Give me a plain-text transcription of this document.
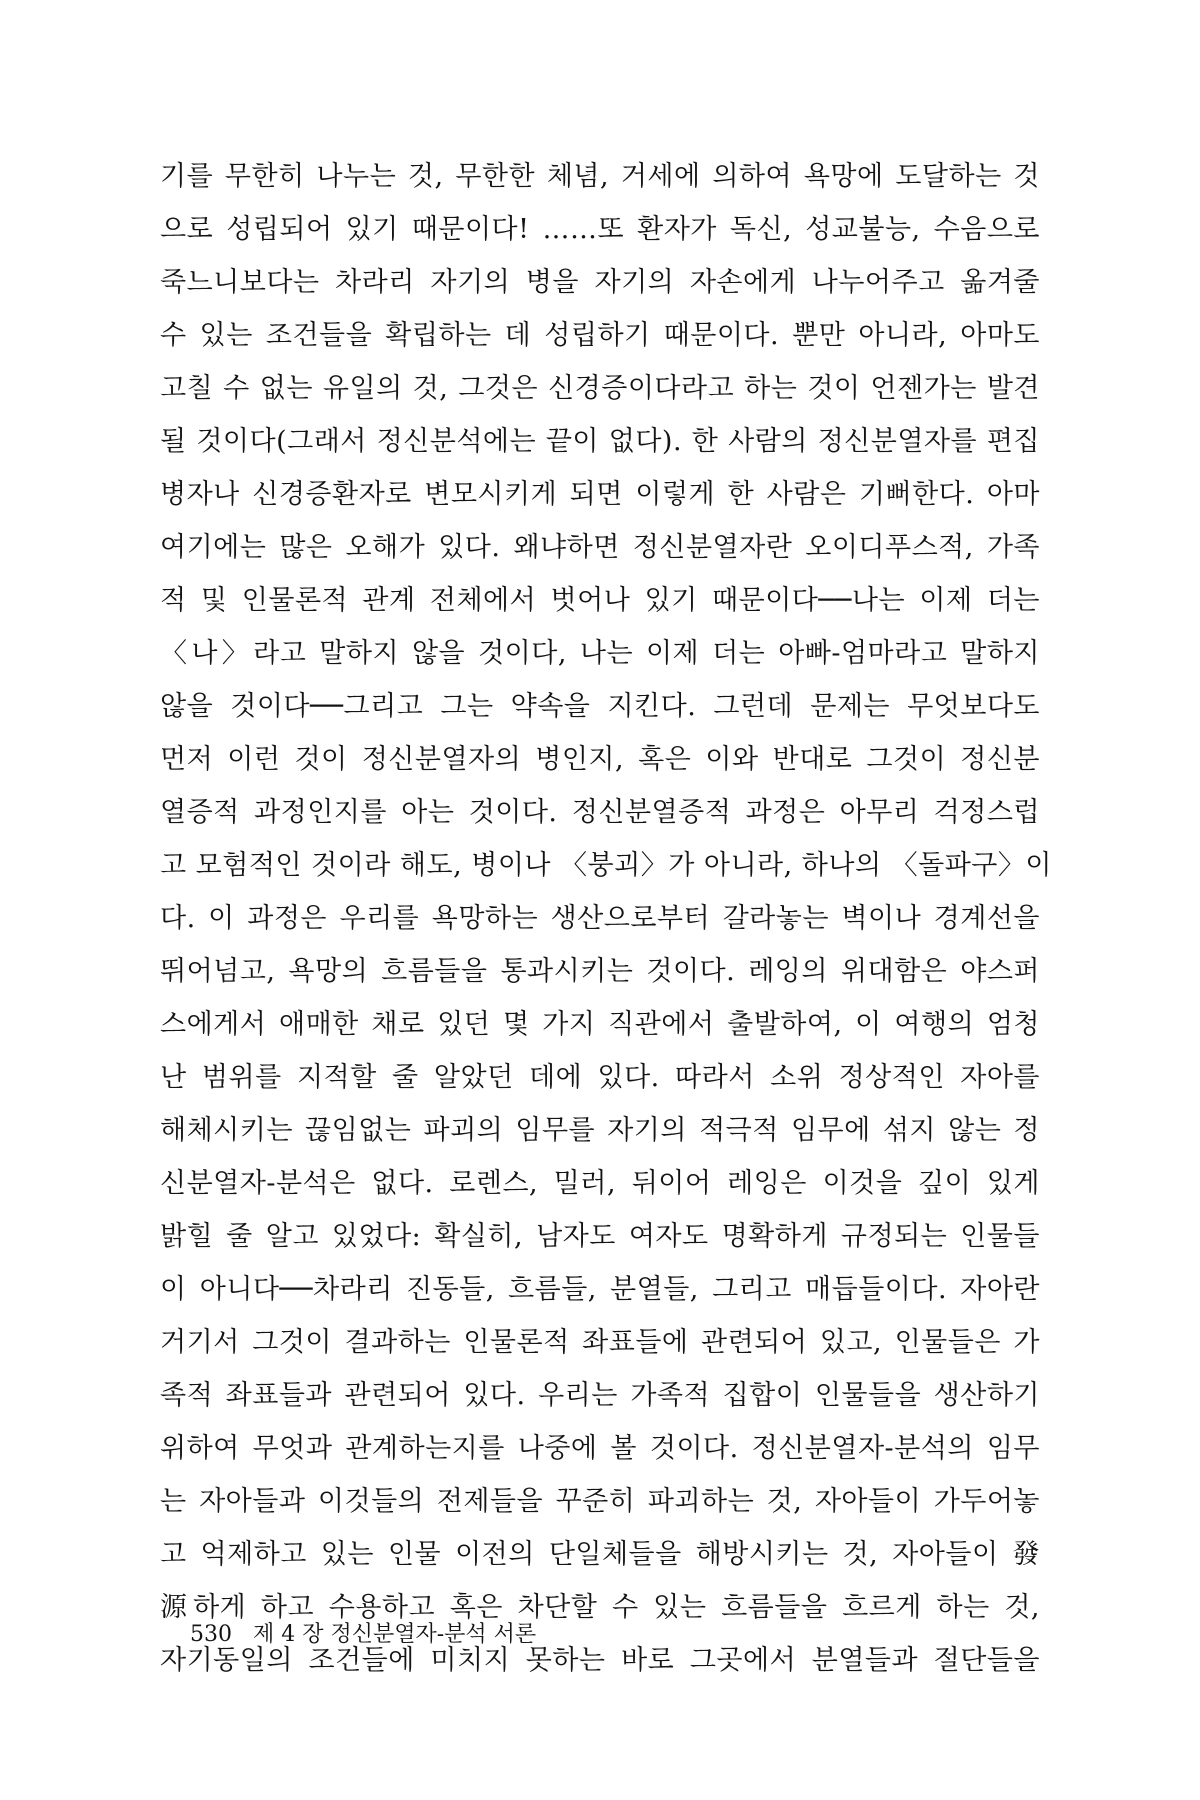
기를 무한히 나누는 것, 무한한 체념, 거세에 의하여 욕망에 도달하는 것
으로 성립되어 있기 때문이다! ……또 환자가 독신, 성교불능, 수음으로
죽느니보다는 차라리 자기의 병을 자기의 자손에게 나누어주고 옮겨줄
수 있는 조건들을 확립하는 데 성립하기 때문이다. 뿐만 아니라, 아마도
고칠 수 없는 유일의 것, 그것은 신경증이다라고 하는 것이 언젠가는 발견
될 것이다(그래서 정신분석에는 끝이 없다). 한 사람의 정신분열자를 편집
병자나 신경증환자로 변모시키게 되면 이렇게 한 사람은 기뻐한다. 아마
여기에는 많은 오해가 있다. 왜냐하면 정신분열자란 오이디푸스적, 가족
적 및 인물론적 관계 전체에서 벗어나 있기 때문이다──나는 이제 더는
〈나〉라고 말하지 않을 것이다, 나는 이제 더는 아빠-엄마라고 말하지
않을 것이다──그리고 그는 약속을 지킨다. 그런데 문제는 무엇보다도
먼저 이런 것이 정신분열자의 병인지, 혹은 이와 반대로 그것이 정신분
열증적 과정인지를 아는 것이다. 정신분열증적 과정은 아무리 걱정스럽
고 모험적인 것이라 해도, 병이나 〈붕괴〉가 아니라, 하나의 〈돌파구〉이
다. 이 과정은 우리를 욕망하는 생산으로부터 갈라놓는 벽이나 경계선을
뛰어넘고, 욕망의 흐름들을 통과시키는 것이다. 레잉의 위대함은 야스퍼
스에게서 애매한 채로 있던 몇 가지 직관에서 출발하여, 이 여행의 엄청
난 범위를 지적할 줄 알았던 데에 있다. 따라서 소위 정상적인 자아를
해체시키는 끊임없는 파괴의 임무를 자기의 적극적 임무에 섞지 않는 정
신분열자-분석은 없다. 로렌스, 밀러, 뒤이어 레잉은 이것을 깊이 있게
밝힐 줄 알고 있었다: 확실히, 남자도 여자도 명확하게 규정되는 인물들
이 아니다──차라리 진동들, 흐름들, 분열들, 그리고 매듭들이다. 자아란
거기서 그것이 결과하는 인물론적 좌표들에 관련되어 있고, 인물들은 가
족적 좌표들과 관련되어 있다. 우리는 가족적 집합이 인물들을 생산하기
위하여 무엇과 관계하는지를 나중에 볼 것이다. 정신분열자-분석의 임무
는 자아들과 이것들의 전제들을 꾸준히 파괴하는 것, 자아들이 가두어놓
고 억제하고 있는 인물 이전의 단일체들을 해방시키는 것, 자아들이 發
源하게 하고 수용하고 혹은 차단할 수 있는 흐름들을 흐르게 하는 것,
자기동일의 조건들에 미치지 못하는 바로 그곳에서 분열들과 절단들을
530 제 4 장 정신분열자-분석 서론
